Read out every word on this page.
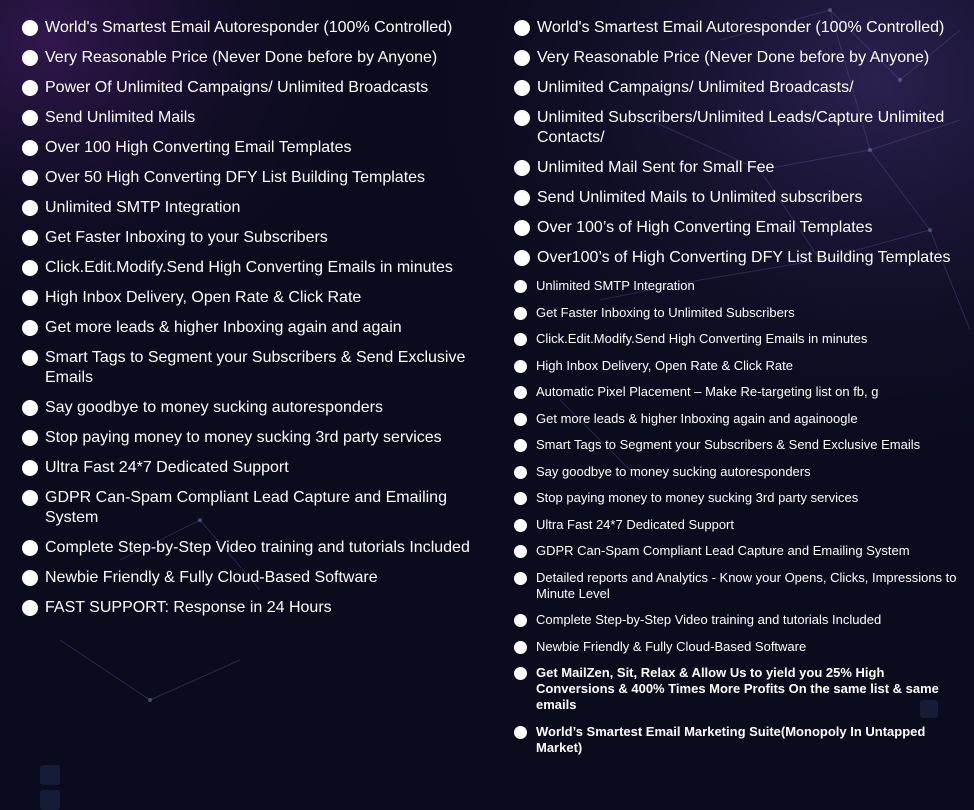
World's Smartest Email Autoresponder (100% Controlled)
Very Reasonable Price (Never Done before by Anyone)
Power Of Unlimited Campaigns/ Unlimited Broadcasts
Send Unlimited Mails
Over 100 High Converting Email Templates
Over 50 High Converting DFY List Building Templates
Unlimited SMTP Integration
Get Faster Inboxing to your Subscribers
Click.Edit.Modify.Send High Converting Emails in minutes
High Inbox Delivery, Open Rate & Click Rate
Get more leads & higher Inboxing again and again
Smart Tags to Segment your Subscribers & Send Exclusive Emails
Say goodbye to money sucking autoresponders
Stop paying money to money sucking 3rd party services
Ultra Fast 24*7 Dedicated Support
GDPR Can-Spam Compliant Lead Capture and Emailing System
Complete Step-by-Step Video training and tutorials Included
Newbie Friendly & Fully Cloud-Based Software
FAST SUPPORT: Response in 24 Hours
World's Smartest Email Autoresponder (100% Controlled)
Very Reasonable Price (Never Done before by Anyone)
Unlimited Campaigns/ Unlimited Broadcasts/
Unlimited Subscribers/Unlimited Leads/Capture Unlimited Contacts/
Unlimited Mail Sent for Small Fee
Send Unlimited Mails to Unlimited subscribers
Over 100’s of High Converting Email Templates
Over100’s of High Converting DFY List Building Templates
Unlimited SMTP Integration
Get Faster Inboxing to Unlimited Subscribers
Click.Edit.Modify.Send High Converting Emails in minutes
High Inbox Delivery, Open Rate & Click Rate
Automatic Pixel Placement – Make Re-targeting list on fb, g
Get more leads & higher Inboxing again and againoogle
Smart Tags to Segment your Subscribers & Send Exclusive Emails
Say goodbye to money sucking autoresponders
Stop paying money to money sucking 3rd party services
Ultra Fast 24*7 Dedicated Support
GDPR Can-Spam Compliant Lead Capture and Emailing System
Detailed reports and Analytics - Know your Opens, Clicks, Impressions to Minute Level
Complete Step-by-Step Video training and tutorials Included
Newbie Friendly & Fully Cloud-Based Software
Get MailZen, Sit, Relax & Allow Us to yield you 25% High Conversions & 400% Times More Profits On the same list & same emails
World’s Smartest Email Marketing Suite(Monopoly In Untapped Market)
